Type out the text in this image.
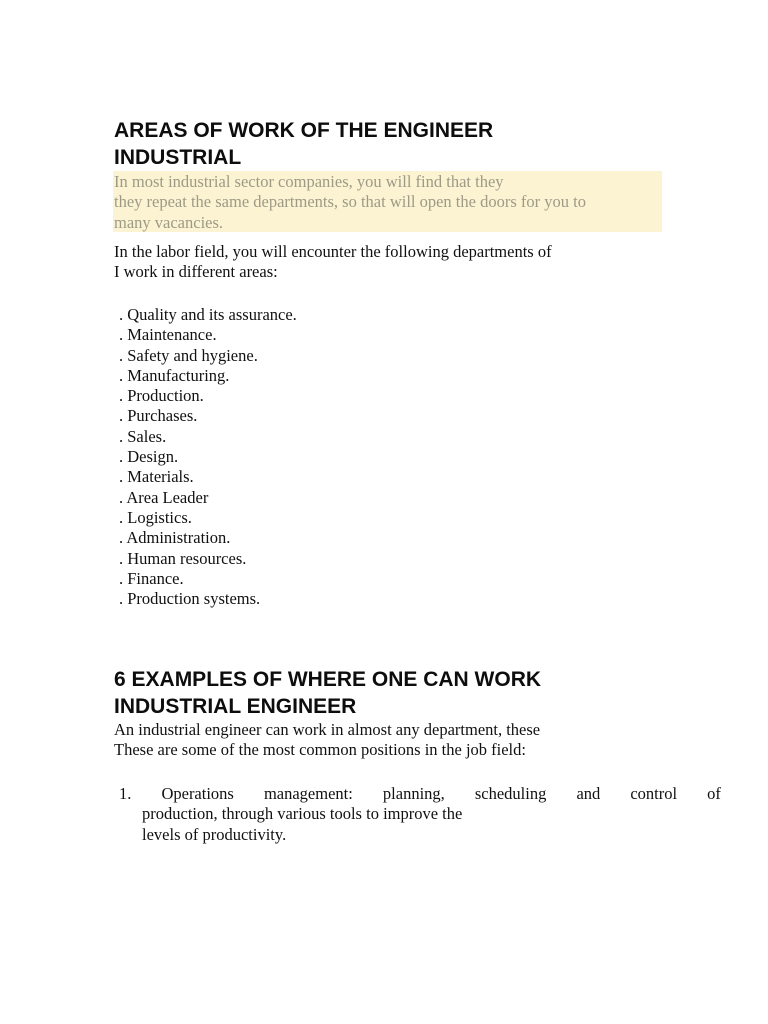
AREAS OF WORK OF THE ENGINEER
INDUSTRIAL
In most industrial sector companies, you will find that they
they repeat the same departments, so that will open the doors for you to
many vacancies.
In the labor field, you will encounter the following departments of
I work in different areas:
. Quality and its assurance.
. Maintenance.
. Safety and hygiene.
. Manufacturing.
. Production.
. Purchases.
. Sales.
. Design.
. Materials.
. Area Leader
. Logistics.
. Administration.
. Human resources.
. Finance.
. Production systems.
6 EXAMPLES OF WHERE ONE CAN WORK
INDUSTRIAL ENGINEER
An industrial engineer can work in almost any department, these
These are some of the most common positions in the job field:
1. Operations management: planning, scheduling and control of
production, through various tools to improve the
levels of productivity.
